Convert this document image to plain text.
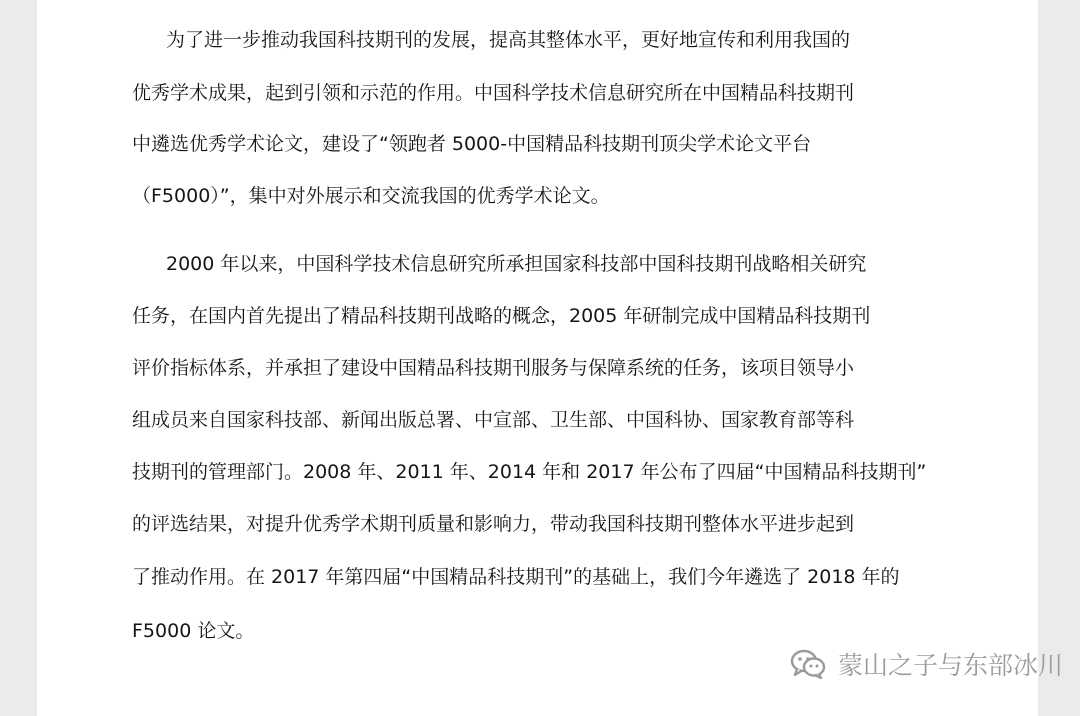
为了进一步推动我国科技期刊的发展，提高其整体水平，更好地宣传和利用我国的
优秀学术成果，起到引领和示范的作用。中国科学技术信息研究所在中国精品科技期刊
中遴选优秀学术论文，建设了“领跑者 5000-中国精品科技期刊顶尖学术论文平台
（F5000）”，集中对外展示和交流我国的优秀学术论文。
2000 年以来，中国科学技术信息研究所承担国家科技部中国科技期刊战略相关研究
任务，在国内首先提出了精品科技期刊战略的概念，2005 年研制完成中国精品科技期刊
评价指标体系，并承担了建设中国精品科技期刊服务与保障系统的任务，该项目领导小
组成员来自国家科技部、新闻出版总署、中宣部、卫生部、中国科协、国家教育部等科
技期刊的管理部门。2008 年、2011 年、2014 年和 2017 年公布了四届“中国精品科技期刊”
的评选结果，对提升优秀学术期刊质量和影响力，带动我国科技期刊整体水平进步起到
了推动作用。在 2017 年第四届“中国精品科技期刊”的基础上，我们今年遴选了 2018 年的
F5000 论文。
蒙山之子与东部冰川
